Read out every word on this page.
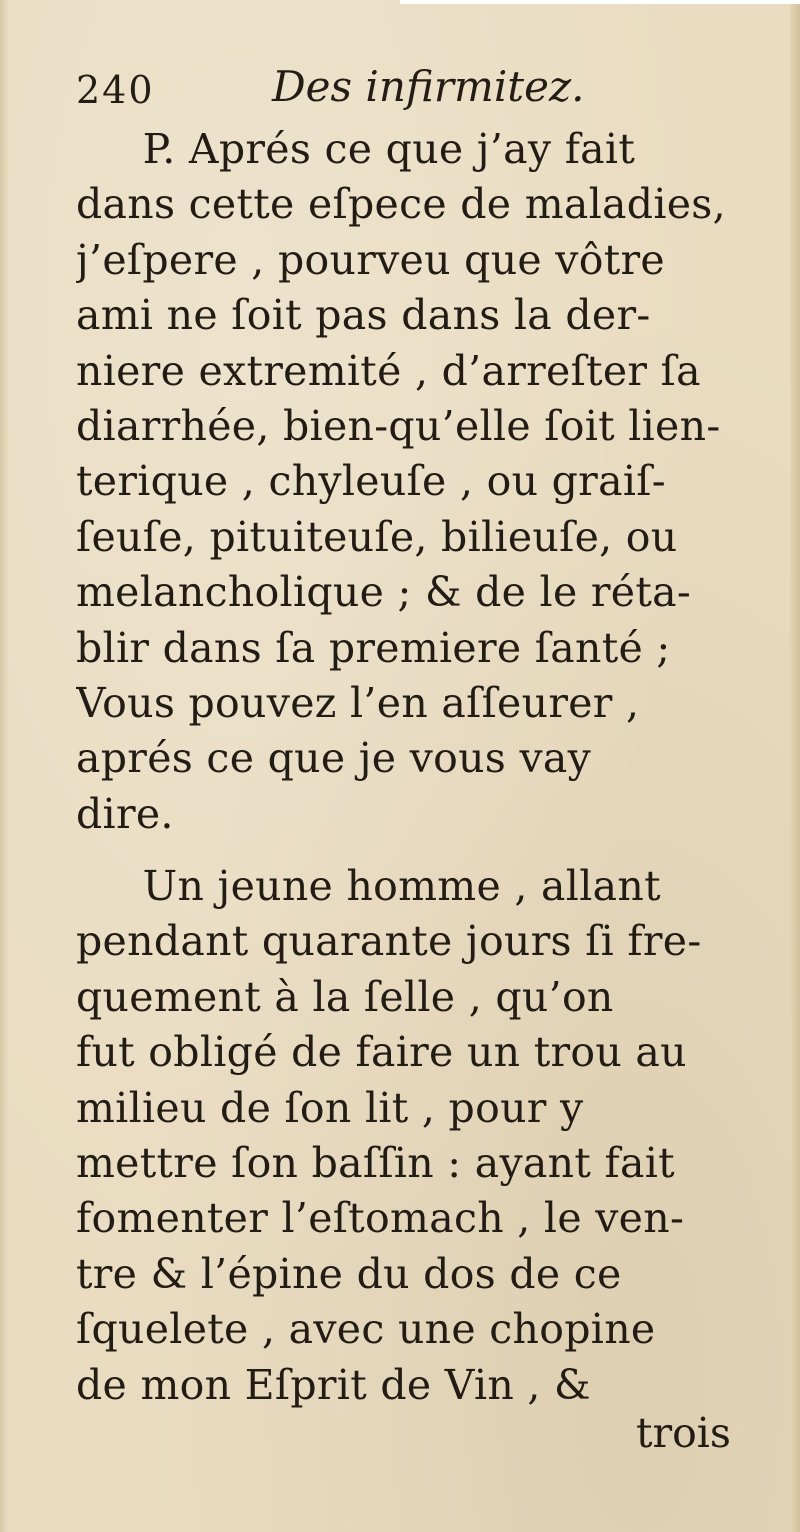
240	Des infirmitez.
P. Aprés ce que j’ay fait
dans cette eſpece de maladies,
j’eſpere , pourveu que vôtre
ami ne ſoit pas dans la der-
niere extremité , d’arreſter ſa
diarrhée, bien-qu’elle ſoit lien-
terique , chyleuſe , ou graiſ-
ſeuſe, pituiteuſe, bilieuſe, ou
melancholique ; & de le réta-
blir dans ſa premiere ſanté ;
Vous pouvez l’en aſſeurer ,
aprés ce que je vous vay
dire.
Un jeune homme , allant
pendant quarante jours ſi fre-
quement à la ſelle , qu’on
fut obligé de faire un trou au
milieu de ſon lit , pour y
mettre ſon baſſin : ayant fait
fomenter l’eſtomach , le ven-
tre & l’épine du dos de ce
ſquelete , avec une chopine
de mon Eſprit de Vin , &
trois
